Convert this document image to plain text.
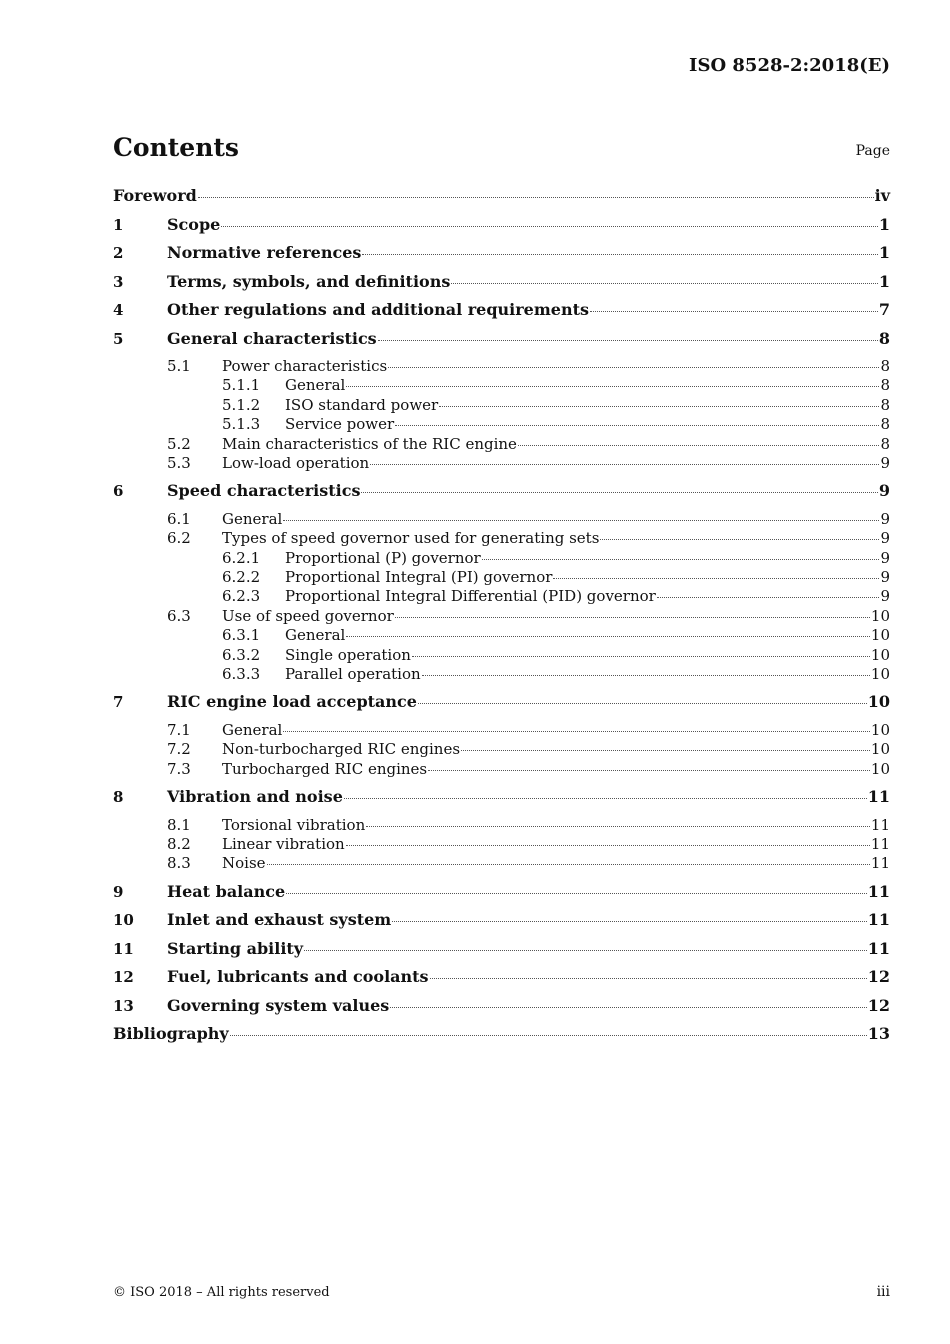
ISO 8528-2:2018(E)
Contents	Page
Foreword	iv
1	Scope	1
2	Normative references	1
3	Terms, symbols, and definitions	1
4	Other regulations and additional requirements	7
5	General characteristics	8
5.1	Power characteristics	8
5.1.1	General	8
5.1.2	ISO standard power	8
5.1.3	Service power	8
5.2	Main characteristics of the RIC engine	8
5.3	Low-load operation	9
6	Speed characteristics	9
6.1	General	9
6.2	Types of speed governor used for generating sets	9
6.2.1	Proportional (P) governor	9
6.2.2	Proportional Integral (PI) governor	9
6.2.3	Proportional Integral Differential (PID) governor	9
6.3	Use of speed governor	10
6.3.1	General	10
6.3.2	Single operation	10
6.3.3	Parallel operation	10
7	RIC engine load acceptance	10
7.1	General	10
7.2	Non-turbocharged RIC engines	10
7.3	Turbocharged RIC engines	10
8	Vibration and noise	11
8.1	Torsional vibration	11
8.2	Linear vibration	11
8.3	Noise	11
9	Heat balance	11
10	Inlet and exhaust system	11
11	Starting ability	11
12	Fuel, lubricants and coolants	12
13	Governing system values	12
Bibliography	13
© ISO 2018 – All rights reserved	iii
